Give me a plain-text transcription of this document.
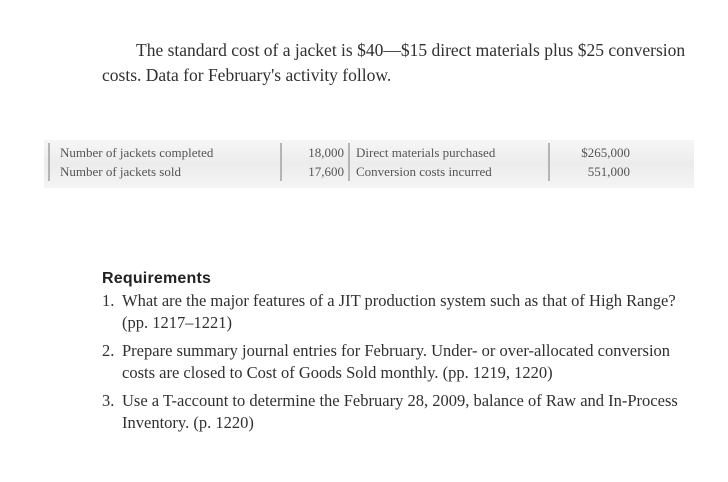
The standard cost of a jacket is $40—$15 direct materials plus $25 conversion costs. Data for February's activity follow.

Number of jackets completed	18,000	Direct materials purchased	$265,000
Number of jackets sold	17,600	Conversion costs incurred	551,000
Requirements
1. What are the major features of a JIT production system such as that of High Range? (pp. 1217–1221)
2. Prepare summary journal entries for February. Under- or over-allocated conversion costs are closed to Cost of Goods Sold monthly. (pp. 1219, 1220)
3. Use a T-account to determine the February 28, 2009, balance of Raw and In-Process Inventory. (p. 1220)
